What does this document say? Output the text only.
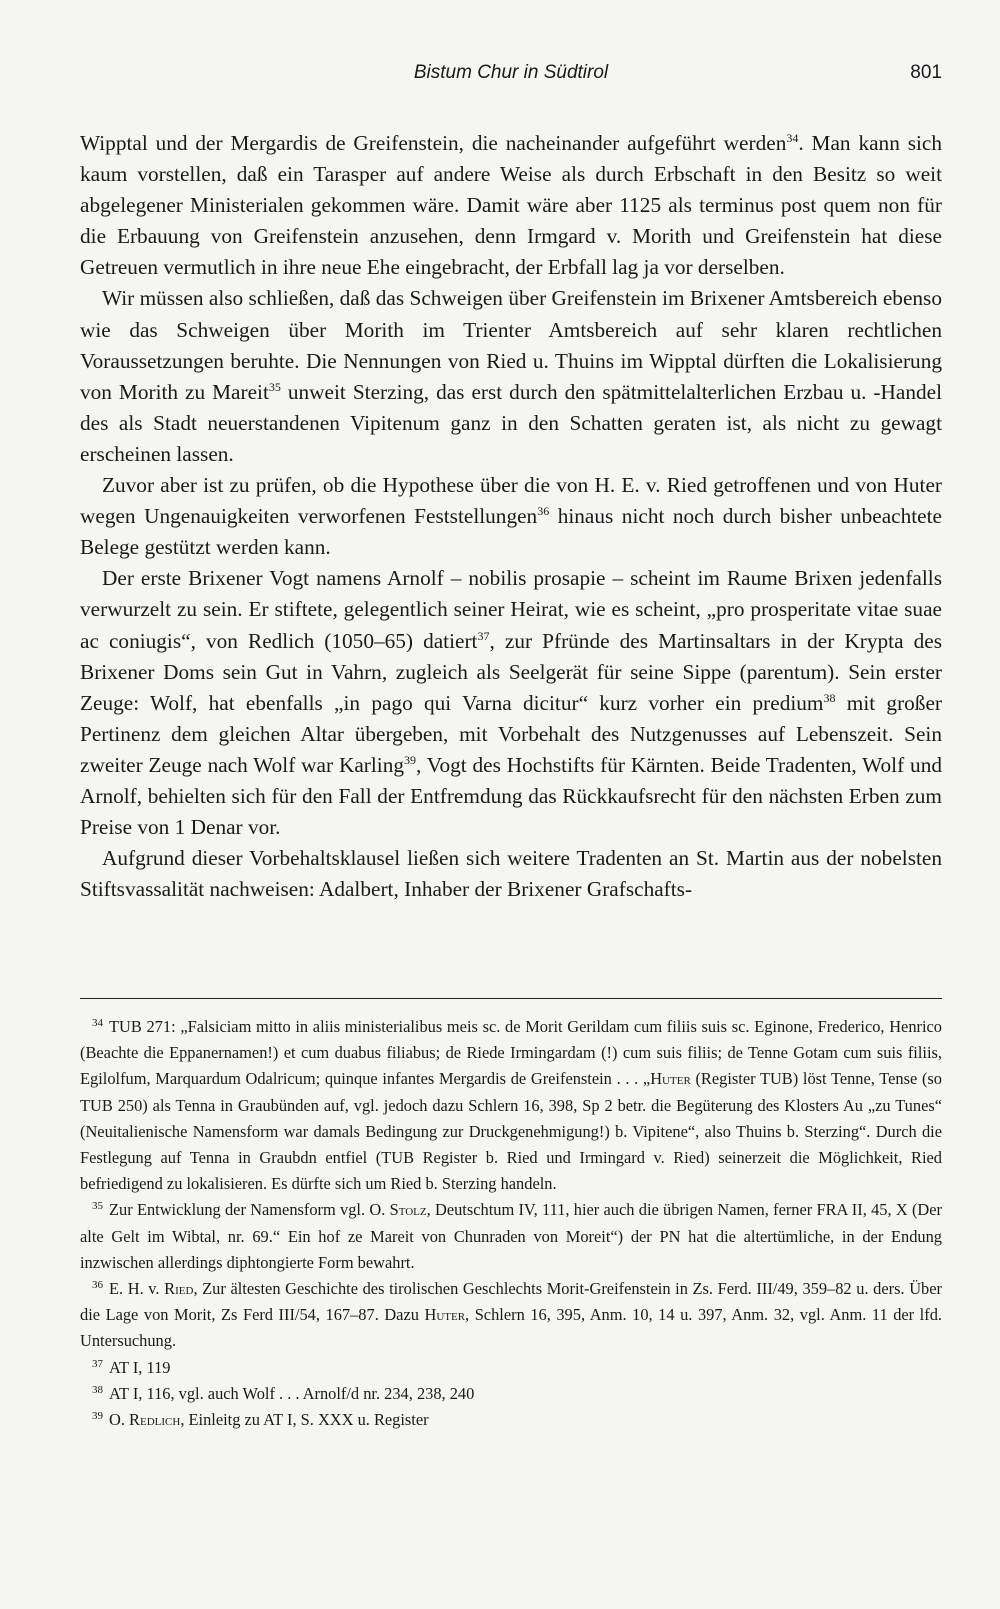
Bistum Chur in Südtirol	801

Wipptal und der Mergardis de Greifenstein, die nacheinander aufgeführt werden$^{34}$. Man kann sich kaum vorstellen, daß ein Tarasper auf andere Weise als durch Erbschaft in den Besitz so weit abgelegener Ministerialen gekommen wäre. Damit wäre aber 1125 als terminus post quem non für die Erbauung von Greifenstein anzusehen, denn Irmgard v. Morith und Greifenstein hat diese Getreuen vermutlich in ihre neue Ehe eingebracht, der Erbfall lag ja vor derselben.

Wir müssen also schließen, daß das Schweigen über Greifenstein im Brixener Amtsbereich ebenso wie das Schweigen über Morith im Trienter Amtsbereich auf sehr klaren rechtlichen Voraussetzungen beruhte. Die Nennungen von Ried u. Thuins im Wipptal dürften die Lokalisierung von Morith zu Mareit$^{35}$ unweit Sterzing, das erst durch den spätmittelalterlichen Erzbau u. -Handel des als Stadt neuerstandenen Vipitenum ganz in den Schatten geraten ist, als nicht zu gewagt erscheinen lassen.

Zuvor aber ist zu prüfen, ob die Hypothese über die von H. E. v. Ried getroffenen und von Huter wegen Ungenauigkeiten verworfenen Feststellungen$^{36}$ hinaus nicht noch durch bisher unbeachtete Belege gestützt werden kann.

Der erste Brixener Vogt namens Arnolf – nobilis prosapie – scheint im Raume Brixen jedenfalls verwurzelt zu sein. Er stiftete, gelegentlich seiner Heirat, wie es scheint, „pro prosperitate vitae suae ac coniugis“, von Redlich (1050–65) datiert$^{37}$, zur Pfründe des Martinsaltars in der Krypta des Brixener Doms sein Gut in Vahrn, zugleich als Seelgerät für seine Sippe (parentum). Sein erster Zeuge: Wolf, hat ebenfalls „in pago qui Varna dicitur“ kurz vorher ein predium$^{38}$ mit großer Pertinenz dem gleichen Altar übergeben, mit Vorbehalt des Nutzgenusses auf Lebenszeit. Sein zweiter Zeuge nach Wolf war Karling$^{39}$, Vogt des Hochstifts für Kärnten. Beide Tradenten, Wolf und Arnolf, behielten sich für den Fall der Entfremdung das Rückkaufsrecht für den nächsten Erben zum Preise von 1 Denar vor.

Aufgrund dieser Vorbehaltsklausel ließen sich weitere Tradenten an St. Martin aus der nobelsten Stiftsvassalität nachweisen: Adalbert, Inhaber der Brixener Grafschafts-

$^{34}$ TUB 271: „Falsiciam mitto in aliis ministerialibus meis sc. de Morit Gerildam cum filiis suis sc. Eginone, Frederico, Henrico (Beachte die Eppanernamen!) et cum duabus filiabus; de Riede Irmingardam (!) cum suis filiis; de Tenne Gotam cum suis filiis, Egilolfum, Marquardum Odalricum; quinque infantes Mergardis de Greifenstein . . . „Huter (Register TUB) löst Tenne, Tense (so TUB 250) als Tenna in Graubünden auf, vgl. jedoch dazu Schlern 16, 398, Sp 2 betr. die Begüterung des Klosters Au „zu Tunes“ (Neuitalienische Namensform war damals Bedingung zur Druckgenehmigung!) b. Vipitene“, also Thuins b. Sterzing“. Durch die Festlegung auf Tenna in Graubdn entfiel (TUB Register b. Ried und Irmingard v. Ried) seinerzeit die Möglichkeit, Ried befriedigend zu lokalisieren. Es dürfte sich um Ried b. Sterzing handeln.

$^{35}$ Zur Entwicklung der Namensform vgl. O. Stolz, Deutschtum IV, 111, hier auch die übrigen Namen, ferner FRA II, 45, X (Der alte Gelt im Wibtal, nr. 69.“ Ein hof ze Mareit von Chunraden von Moreit“) der PN hat die altertümliche, in der Endung inzwischen allerdings diphtongierte Form bewahrt.

$^{36}$ E. H. v. Ried, Zur ältesten Geschichte des tirolischen Geschlechts Morit-Greifenstein in Zs. Ferd. III/49, 359–82 u. ders. Über die Lage von Morit, Zs Ferd III/54, 167–87. Dazu Huter, Schlern 16, 395, Anm. 10, 14 u. 397, Anm. 32, vgl. Anm. 11 der lfd. Untersuchung.

$^{37}$ AT I, 119

$^{38}$ AT I, 116, vgl. auch Wolf . . . Arnolf/d nr. 234, 238, 240

$^{39}$ O. Redlich, Einleitg zu AT I, S. XXX u. Register
